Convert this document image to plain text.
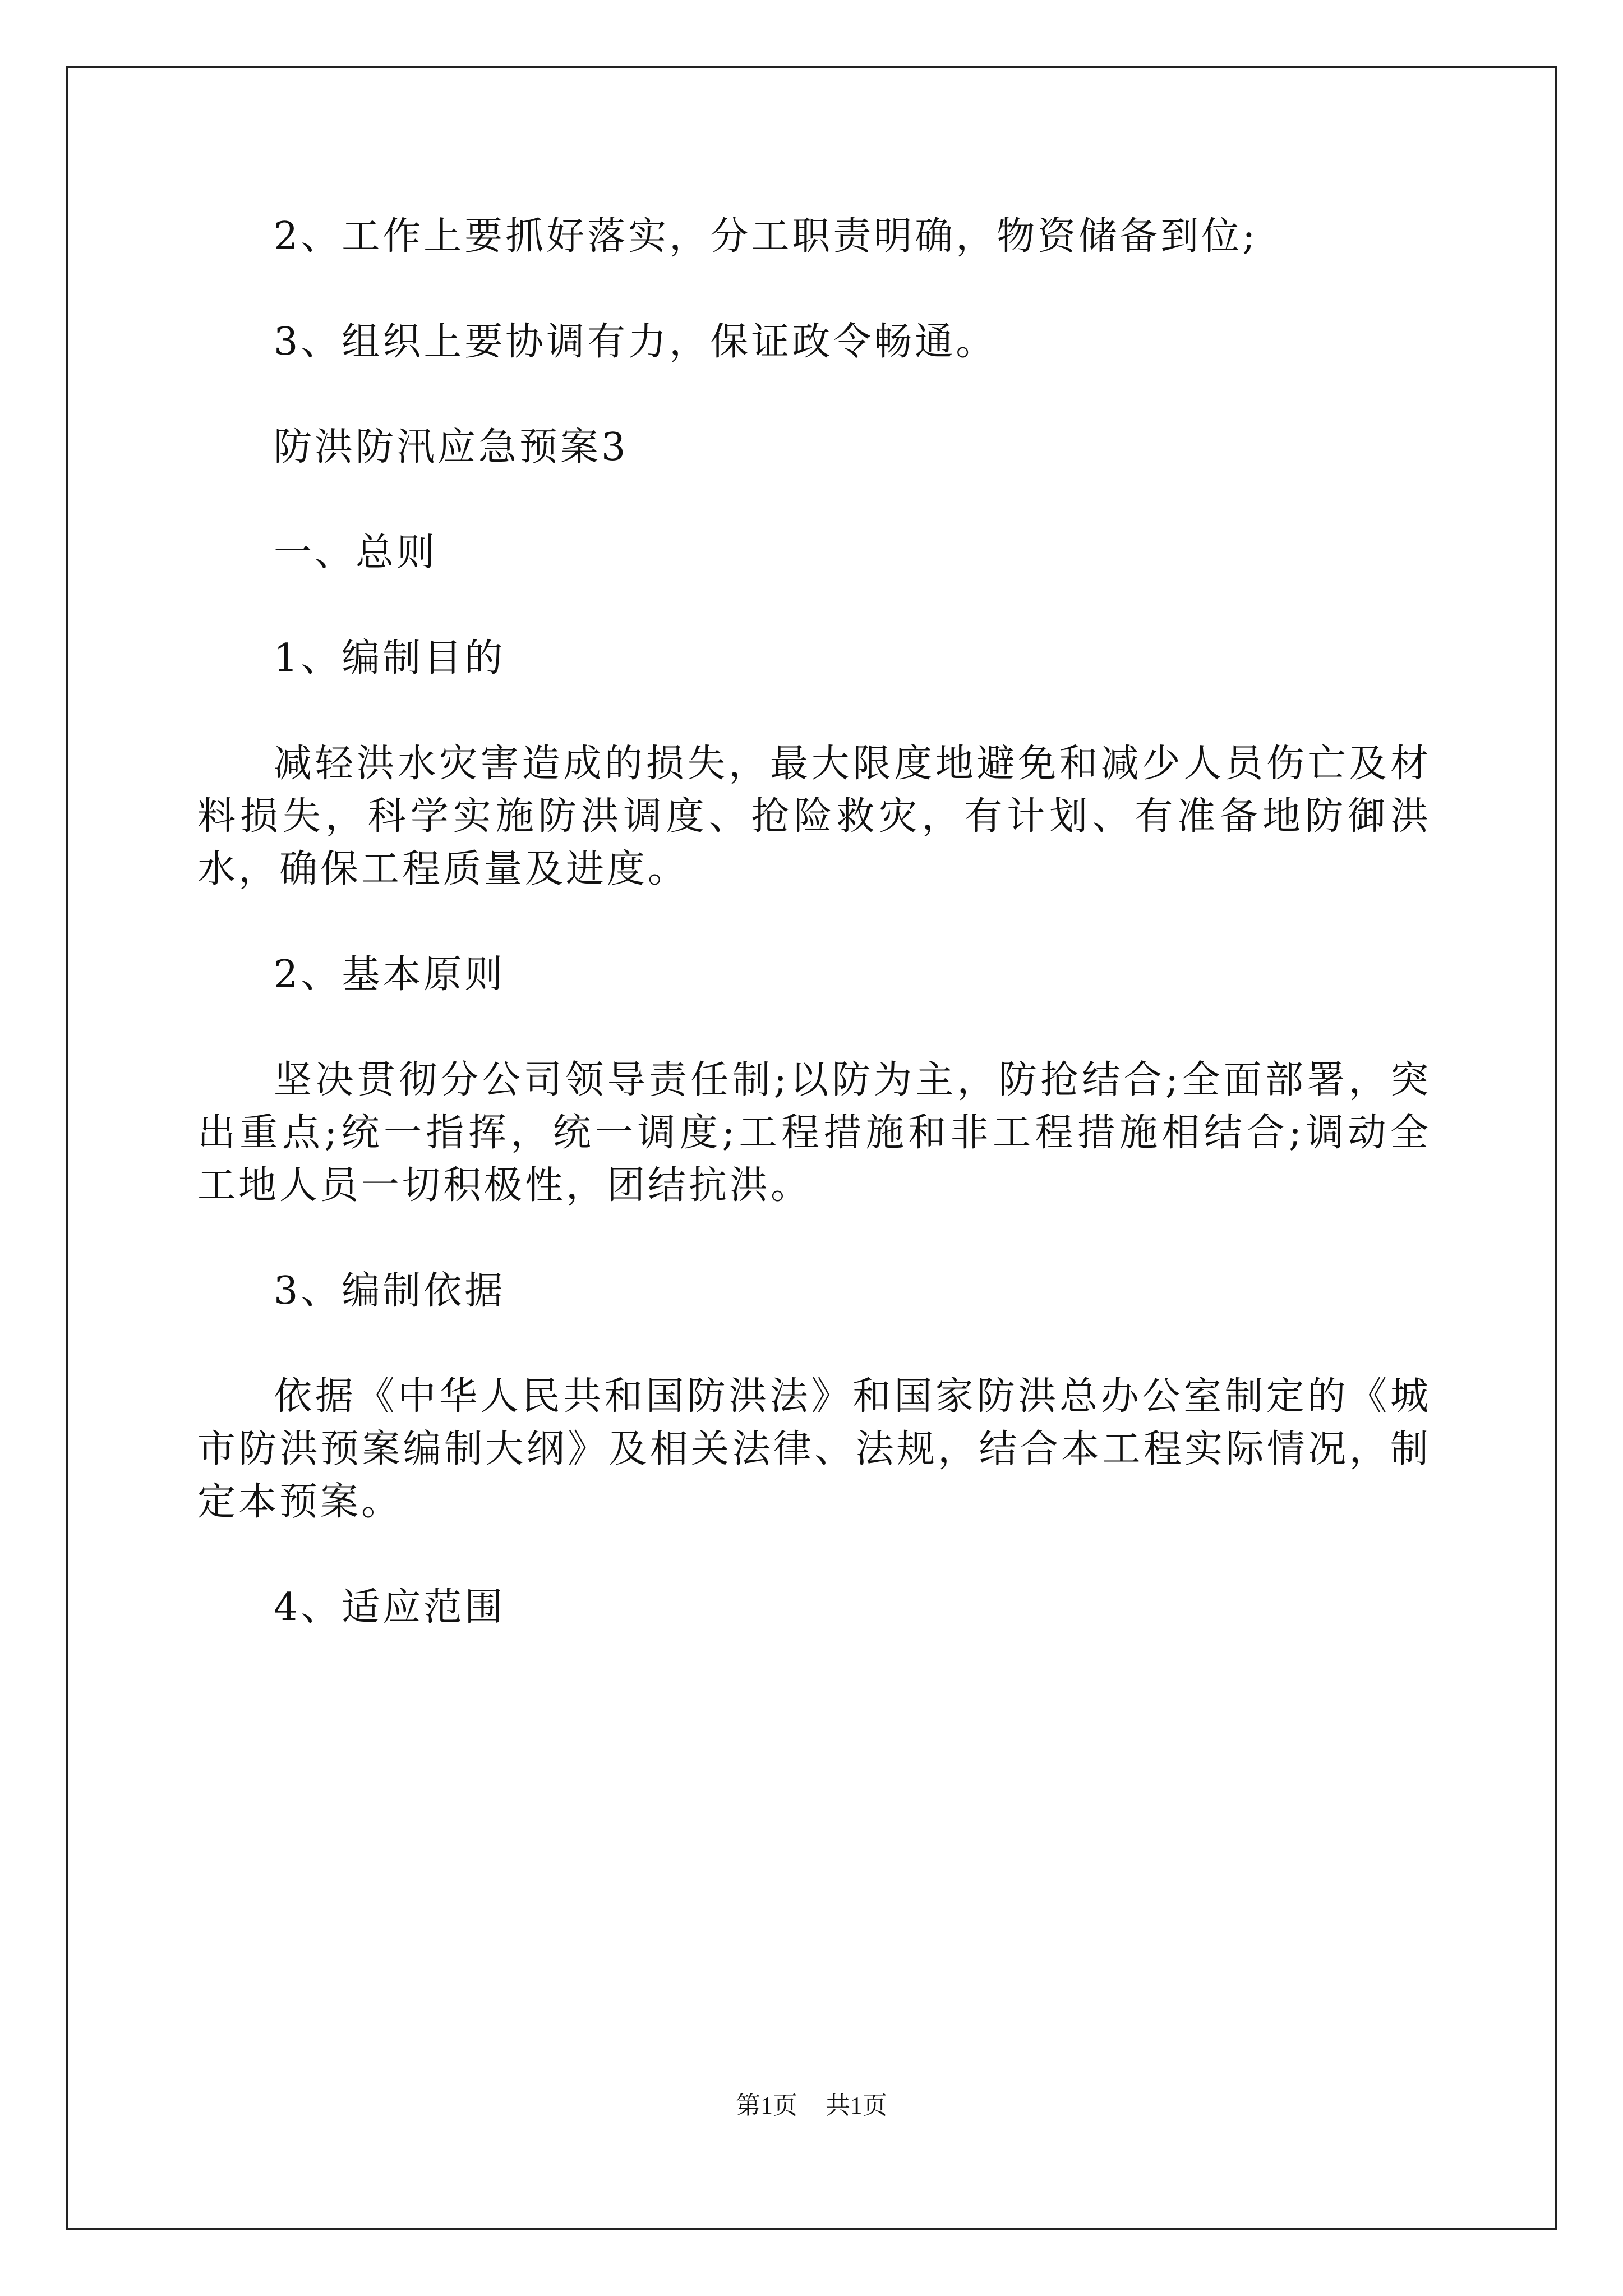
2、工作上要抓好落实，分工职责明确，物资储备到位;

3、组织上要协调有力，保证政令畅通。

防洪防汛应急预案3

一、总则

1、编制目的

减轻洪水灾害造成的损失，最大限度地避免和减少人员伤亡及材料损失，科学实施防洪调度、抢险救灾，有计划、有准备地防御洪水，确保工程质量及进度。

2、基本原则

坚决贯彻分公司领导责任制;以防为主，防抢结合;全面部署，突出重点;统一指挥，统一调度;工程措施和非工程措施相结合;调动全工地人员一切积极性，团结抗洪。

3、编制依据

依据《中华人民共和国防洪法》和国家防洪总办公室制定的《城市防洪预案编制大纲》及相关法律、法规，结合本工程实际情况，制定本预案。

4、适应范围

第1页 共1页
